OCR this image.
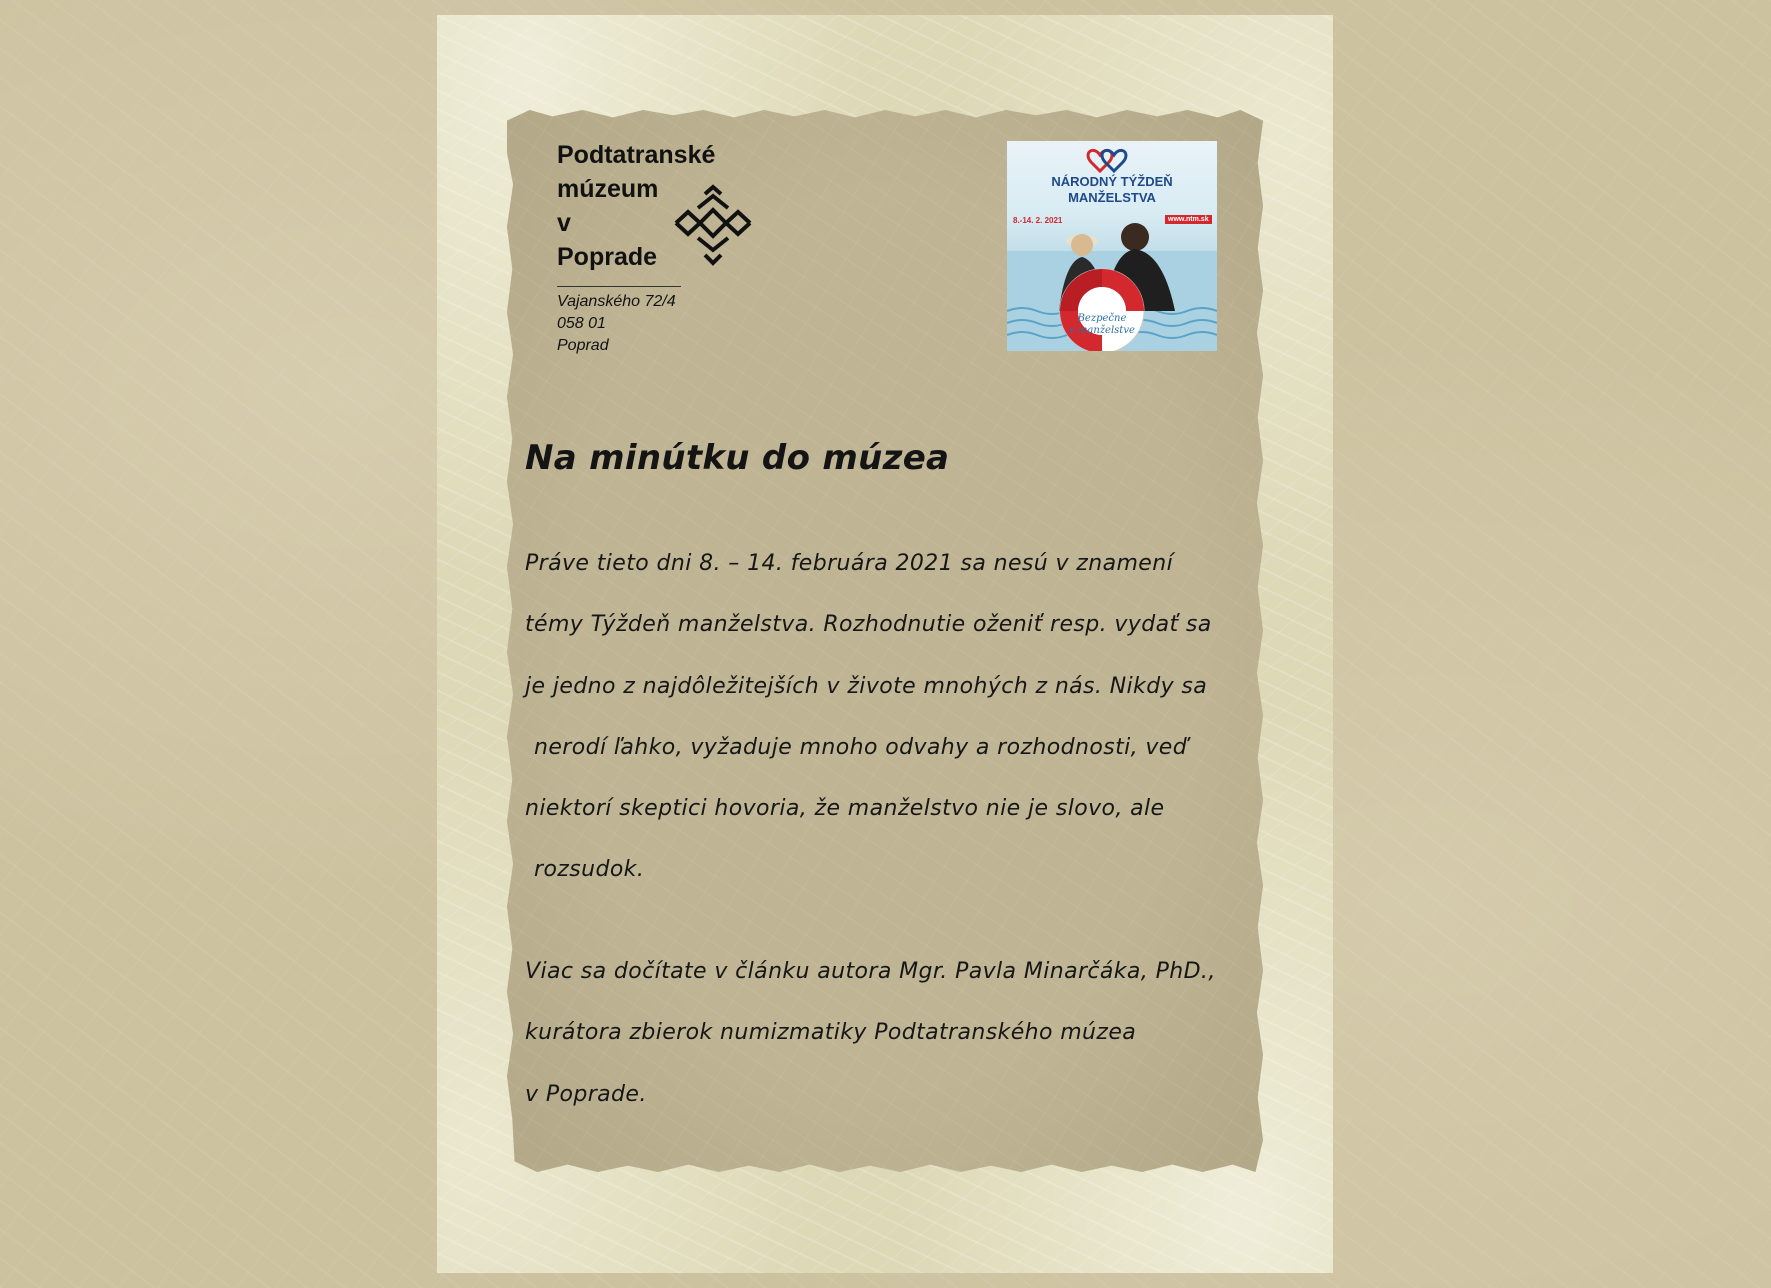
Podtatranské
múzeum
v
Poprade
Vajanského 72/4
058 01
Poprad
NÁRODNÝ TÝŽDEŇ
MANŽELSTVA
8.-14. 2. 2021	www.ntm.sk
Bezpečne
v manželstve
Na minútku do múzea
Práve tieto dni 8. – 14. februára 2021 sa nesú v znamení
témy Týždeň manželstva. Rozhodnutie oženiť resp. vydať sa
je jedno z najdôležitejších v živote mnohých z nás. Nikdy sa
nerodí ľahko, vyžaduje mnoho odvahy a rozhodnosti, veď
niektorí skeptici hovoria, že manželstvo nie je slovo, ale
rozsudok.
Viac sa dočítate v článku autora Mgr. Pavla Minarčáka, PhD.,
kurátora zbierok numizmatiky Podtatranského múzea
v Poprade.
